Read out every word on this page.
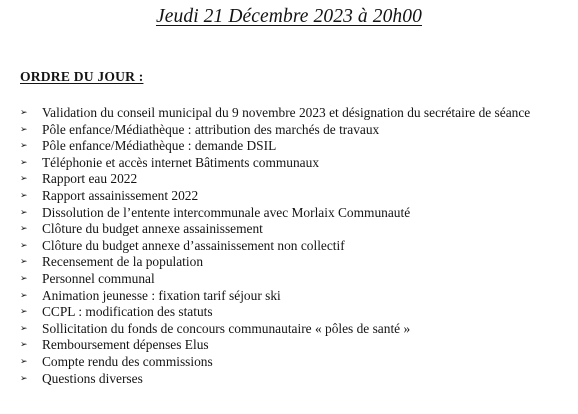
Jeudi 21 Décembre 2023 à 20h00
ORDRE DU JOUR :
➢ Validation du conseil municipal du 9 novembre 2023 et désignation du secrétaire de séance
➢ Pôle enfance/Médiathèque : attribution des marchés de travaux
➢ Pôle enfance/Médiathèque : demande DSIL
➢ Téléphonie et accès internet Bâtiments communaux
➢ Rapport eau 2022
➢ Rapport assainissement 2022
➢ Dissolution de l’entente intercommunale avec Morlaix Communauté
➢ Clôture du budget annexe assainissement
➢ Clôture du budget annexe d’assainissement non collectif
➢ Recensement de la population
➢ Personnel communal
➢ Animation jeunesse : fixation tarif séjour ski
➢ CCPL : modification des statuts
➢ Sollicitation du fonds de concours communautaire « pôles de santé »
➢ Remboursement dépenses Elus
➢ Compte rendu des commissions
➢ Questions diverses
